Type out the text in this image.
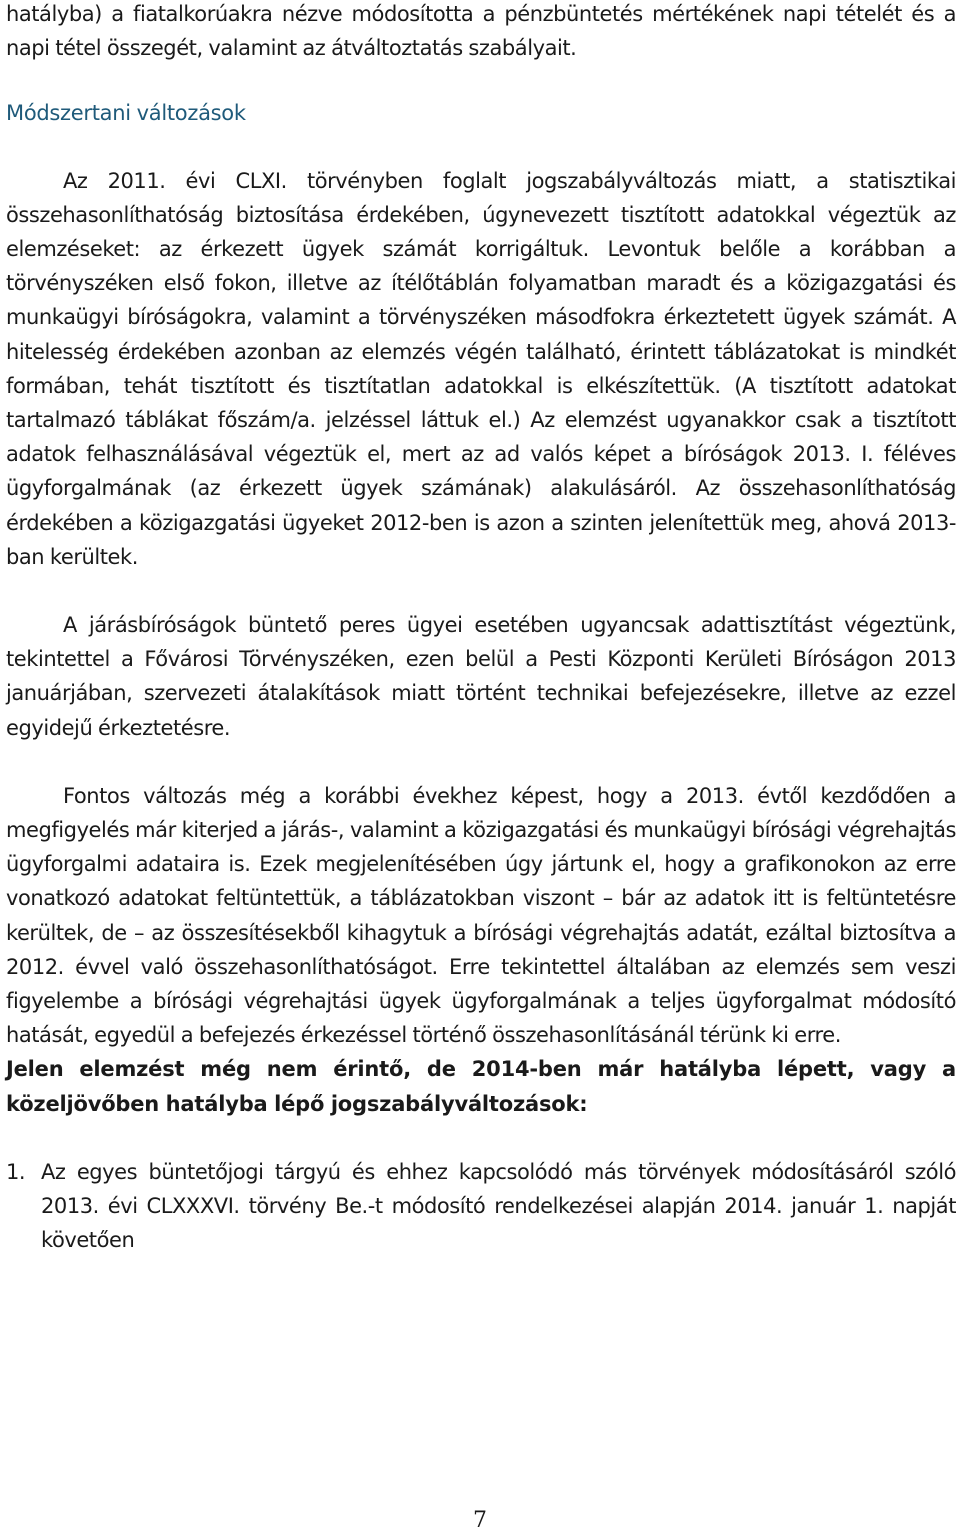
hatályba) a fiatalkorúakra nézve módosította a pénzbüntetés mértékének napi tételét és a napi tétel összegét, valamint az átváltoztatás szabályait.

Módszertani változások

Az 2011. évi CLXI. törvényben foglalt jogszabályváltozás miatt, a statisztikai összehasonlíthatóság biztosítása érdekében, úgynevezett tisztított adatokkal végeztük az elemzéseket: az érkezett ügyek számát korrigáltuk. Levontuk belőle a korábban a törvényszéken első fokon, illetve az ítélőtáblán folyamatban maradt és a közigazgatási és munkaügyi bíróságokra, valamint a törvényszéken másodfokra érkeztetett ügyek számát. A hitelesség érdekében azonban az elemzés végén található, érintett táblázatokat is mindkét formában, tehát tisztított és tisztítatlan adatokkal is elkészítettük. (A tisztított adatokat tartalmazó táblákat főszám/a. jelzéssel láttuk el.) Az elemzést ugyanakkor csak a tisztított adatok felhasználásával végeztük el, mert az ad valós képet a bíróságok 2013. I. féléves ügyforgalmának (az érkezett ügyek számának) alakulásáról. Az összehasonlíthatóság érdekében a közigazgatási ügyeket 2012-ben is azon a szinten jelenítettük meg, ahová 2013-ban kerültek.

A járásbíróságok büntető peres ügyei esetében ugyancsak adattisztítást végeztünk, tekintettel a Fővárosi Törvényszéken, ezen belül a Pesti Központi Kerületi Bíróságon 2013 januárjában, szervezeti átalakítások miatt történt technikai befejezésekre, illetve az ezzel egyidejű érkeztetésre.

Fontos változás még a korábbi évekhez képest, hogy a 2013. évtől kezdődően a megfigyelés már kiterjed a járás-, valamint a közigazgatási és munkaügyi bírósági végrehajtás ügyforgalmi adataira is. Ezek megjelenítésében úgy jártunk el, hogy a grafikonokon az erre vonatkozó adatokat feltüntettük, a táblázatokban viszont – bár az adatok itt is feltüntetésre kerültek, de – az összesítésekből kihagytuk a bírósági végrehajtás adatát, ezáltal biztosítva a 2012. évvel való összehasonlíthatóságot. Erre tekintettel általában az elemzés sem veszi figyelembe a bírósági végrehajtási ügyek ügyforgalmának a teljes ügyforgalmat módosító hatását, egyedül a befejezés érkezéssel történő összehasonlításánál térünk ki erre.

Jelen elemzést még nem érintő, de 2014-ben már hatályba lépett, vagy a közeljövőben hatályba lépő jogszabályváltozások:

1. Az egyes büntetőjogi tárgyú és ehhez kapcsolódó más törvények módosításáról szóló 2013. évi CLXXXVI. törvény Be.-t módosító rendelkezései alapján 2014. január 1. napját követően
7
